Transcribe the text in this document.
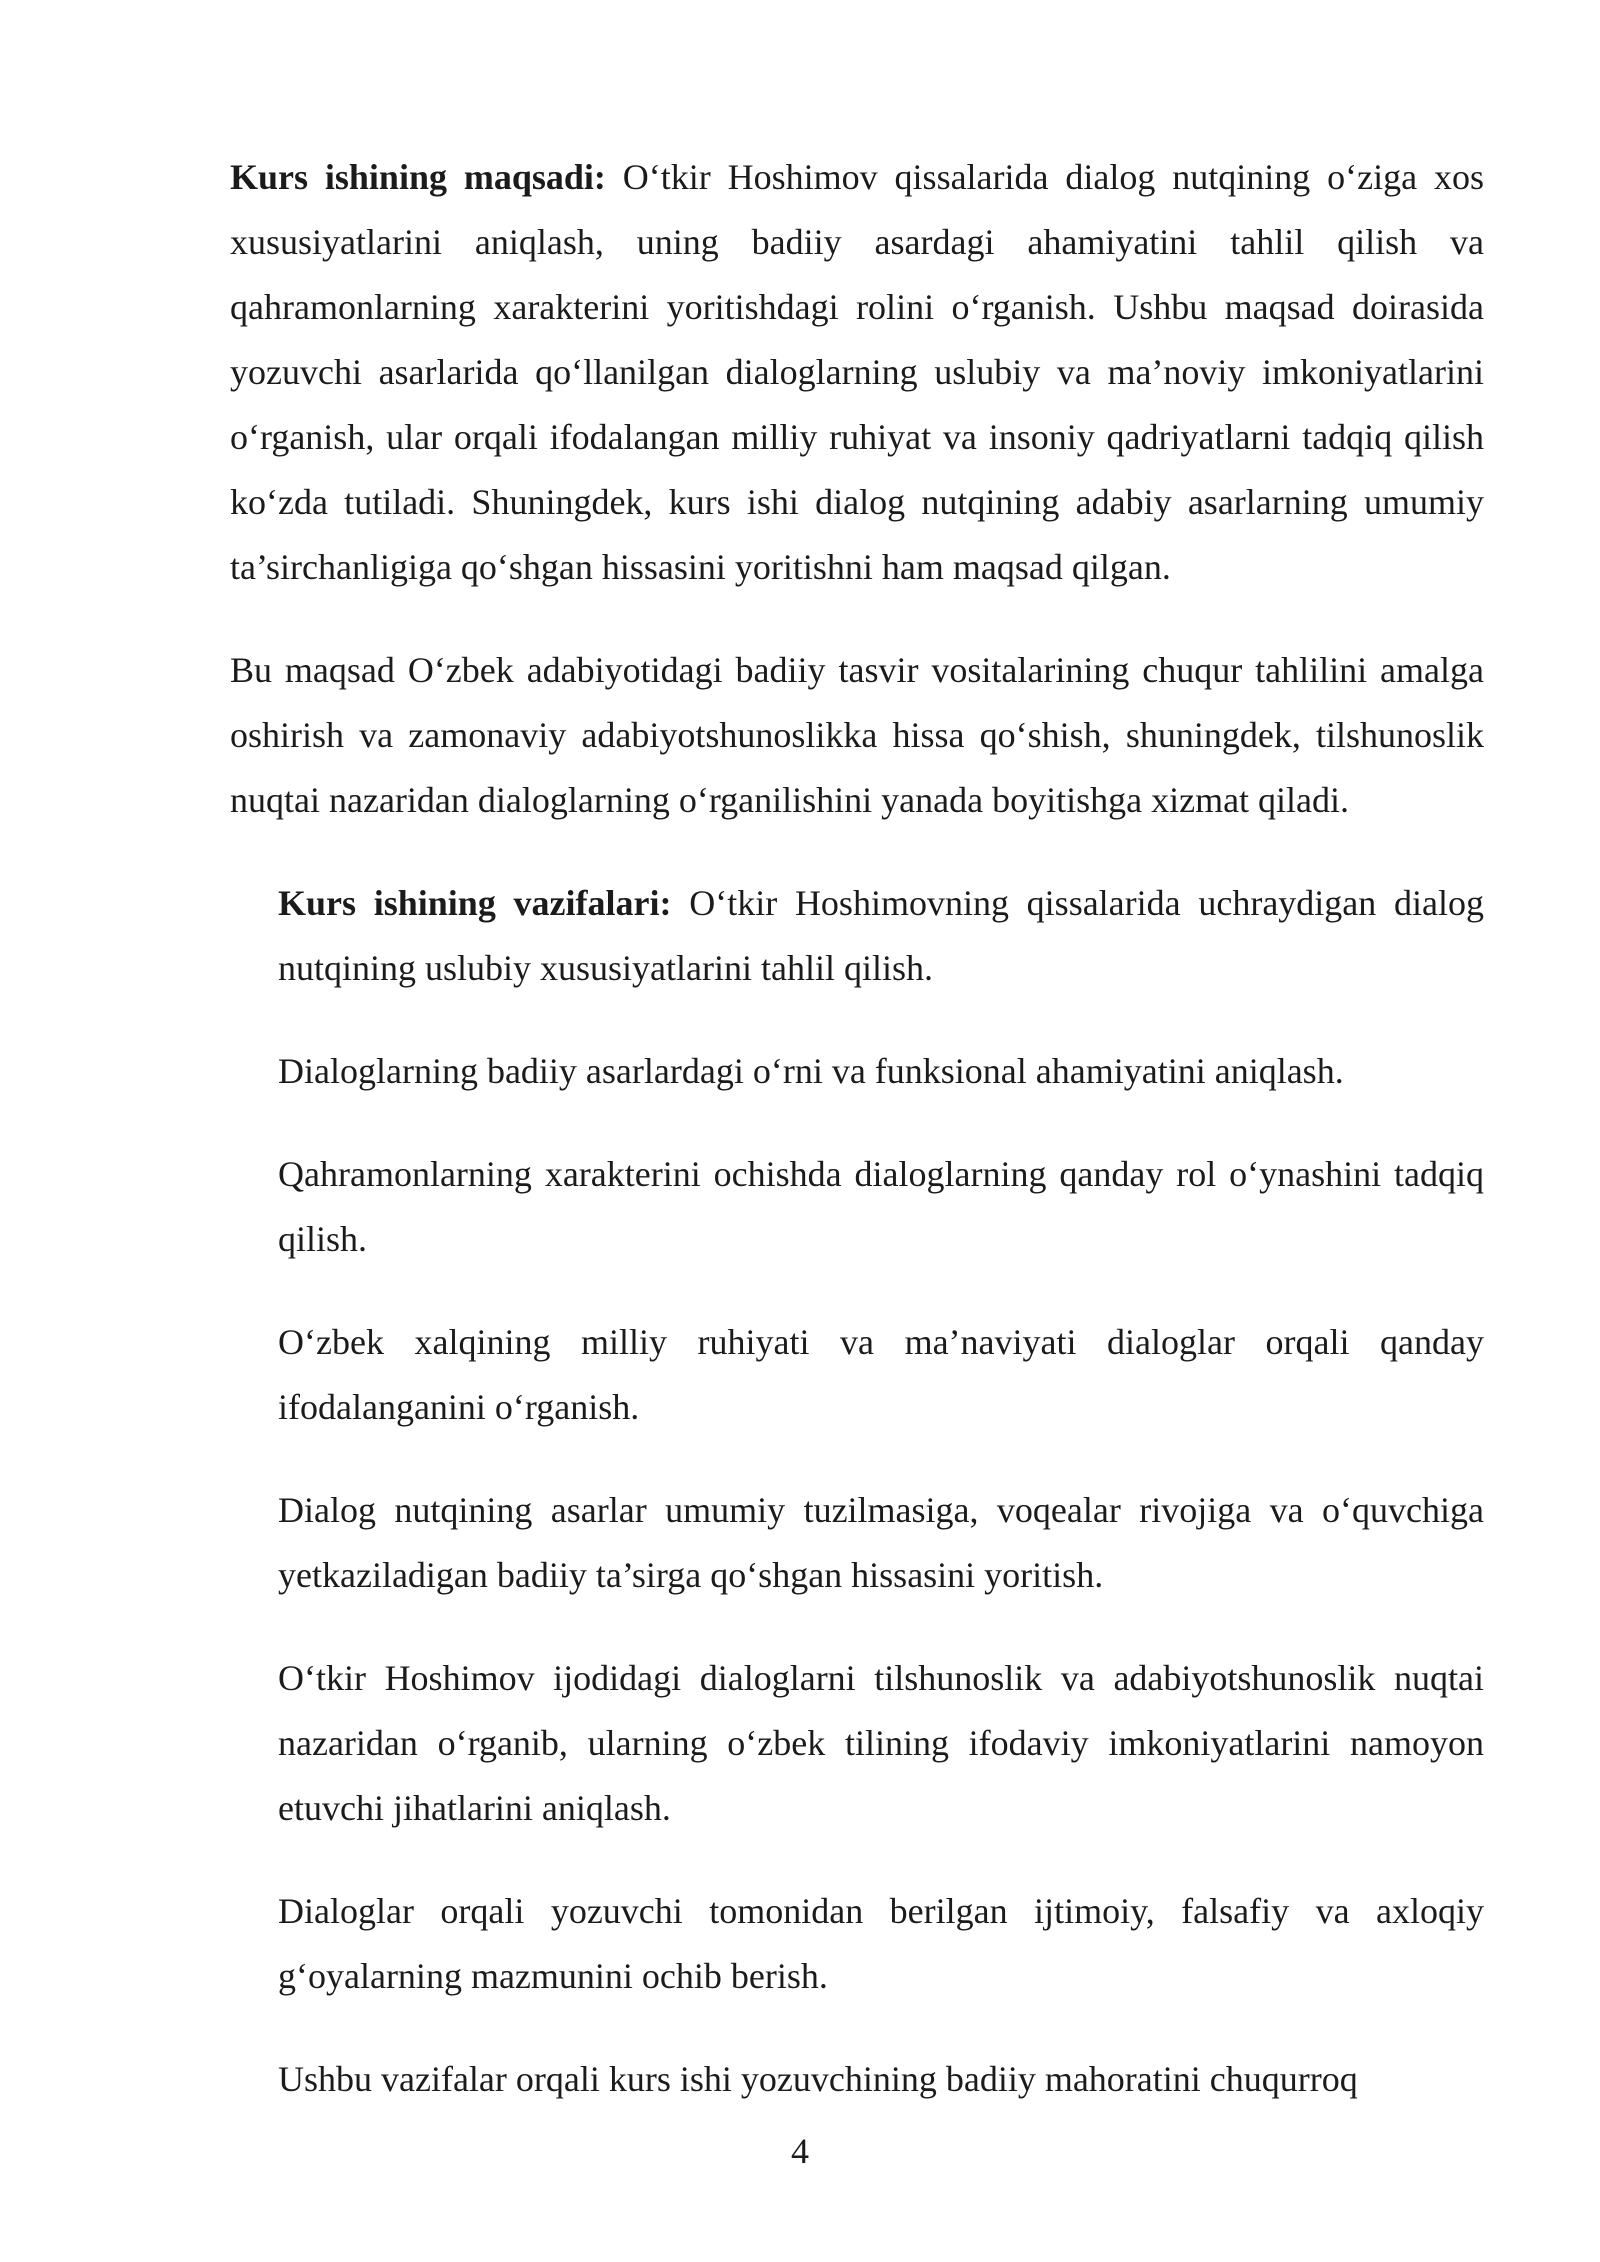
Kurs ishining maqsadi: O‘tkir Hoshimov qissalarida dialog nutqining o‘ziga xos xususiyatlarini aniqlash, uning badiiy asardagi ahamiyatini tahlil qilish va qahramonlarning xarakterini yoritishdagi rolini o‘rganish. Ushbu maqsad doirasida yozuvchi asarlarida qo‘llanilgan dialoglarning uslubiy va ma’noviy imkoniyatlarini o‘rganish, ular orqali ifodalangan milliy ruhiyat va insoniy qadriyatlarni tadqiq qilish ko‘zda tutiladi. Shuningdek, kurs ishi dialog nutqining adabiy asarlarning umumiy ta’sirchanligiga qo‘shgan hissasini yoritishni ham maqsad qilgan.

Bu maqsad O‘zbek adabiyotidagi badiiy tasvir vositalarining chuqur tahlilini amalga oshirish va zamonaviy adabiyotshunoslikka hissa qo‘shish, shuningdek, tilshunoslik nuqtai nazaridan dialoglarning o‘rganilishini yanada boyitishga xizmat qiladi.

Kurs ishining vazifalari: O‘tkir Hoshimovning qissalarida uchraydigan dialog nutqining uslubiy xususiyatlarini tahlil qilish.

Dialoglarning badiiy asarlardagi o‘rni va funksional ahamiyatini aniqlash.

Qahramonlarning xarakterini ochishda dialoglarning qanday rol o‘ynashini tadqiq qilish.

O‘zbek xalqining milliy ruhiyati va ma’naviyati dialoglar orqali qanday ifodalanganini o‘rganish.

Dialog nutqining asarlar umumiy tuzilmasiga, voqealar rivojiga va o‘quvchiga yetkaziladigan badiiy ta’sirga qo‘shgan hissasini yoritish.

O‘tkir Hoshimov ijodidagi dialoglarni tilshunoslik va adabiyotshunoslik nuqtai nazaridan o‘rganib, ularning o‘zbek tilining ifodaviy imkoniyatlarini namoyon etuvchi jihatlarini aniqlash.

Dialoglar orqali yozuvchi tomonidan berilgan ijtimoiy, falsafiy va axloqiy g‘oyalarning mazmunini ochib berish.

Ushbu vazifalar orqali kurs ishi yozuvchining badiiy mahoratini chuqurroq

4
